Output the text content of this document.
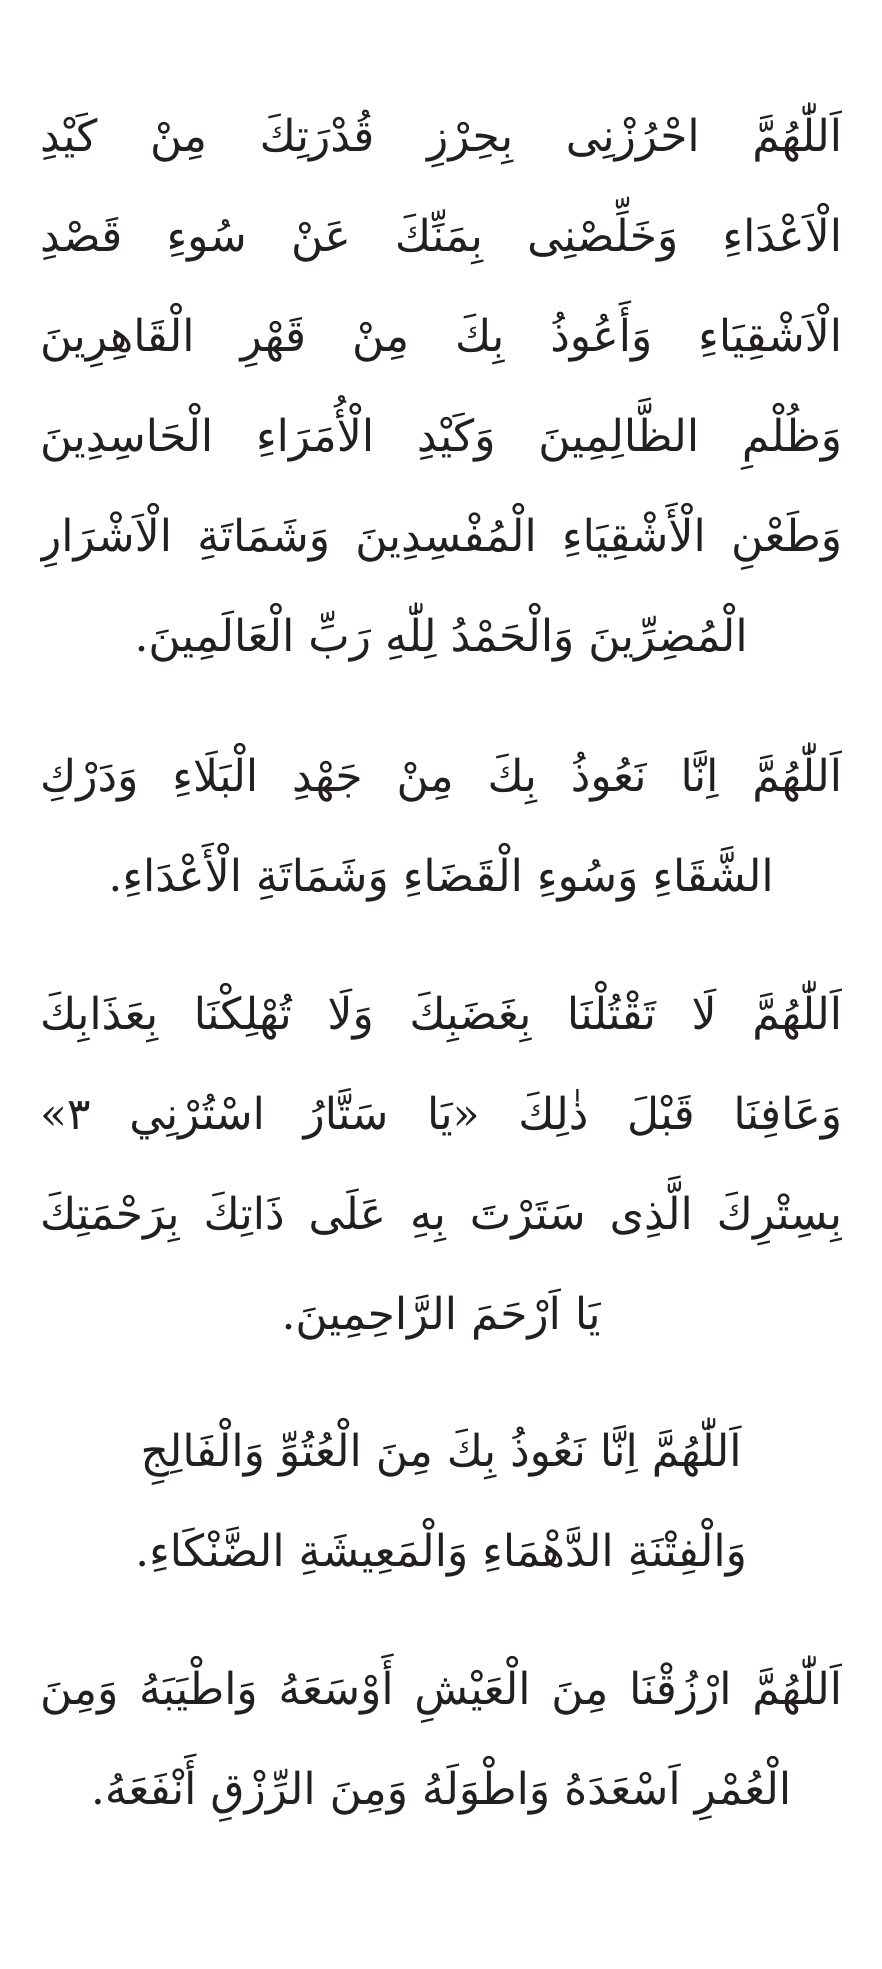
اَللّٰهُمَّ احْرُزْنِى بِحِرْزِ قُدْرَتِكَ مِنْ كَيْدِ
الْاَعْدَاءِ وَخَلِّصْنِى بِمَنِّكَ عَنْ سُوءِ قَصْدِ
الْاَشْقِيَاءِ وَأَعُوذُ بِكَ مِنْ قَهْرِ الْقَاهِرِينَ
وَظُلْمِ الظَّالِمِينَ وَكَيْدِ الْأُمَرَاءِ الْحَاسِدِينَ
وَطَعْنِ الْأَشْقِيَاءِ الْمُفْسِدِينَ وَشَمَاتَةِ الْاَشْرَارِ
الْمُضِرِّينَ وَالْحَمْدُ لِلّٰهِ رَبِّ الْعَالَمِينَ.
اَللّٰهُمَّ اِنَّا نَعُوذُ بِكَ مِنْ جَهْدِ الْبَلَاءِ وَدَرْكِ
الشَّقَاءِ وَسُوءِ الْقَضَاءِ وَشَمَاتَةِ الْأَعْدَاءِ.
اَللّٰهُمَّ لَا تَقْتُلْنَا بِغَضَبِكَ وَلَا تُهْلِكْنَا بِعَذَابِكَ
وَعَافِنَا قَبْلَ ذٰلِكَ «يَا سَتَّارُ اسْتُرْنِي ٣»
بِسِتْرِكَ الَّذِى سَتَرْتَ بِهِ عَلَى ذَاتِكَ بِرَحْمَتِكَ
يَا اَرْحَمَ الرَّاحِمِينَ.
اَللّٰهُمَّ اِنَّا نَعُوذُ بِكَ مِنَ الْعُتُوِّ وَالْفَالِجِ
وَالْفِتْنَةِ الدَّهْمَاءِ وَالْمَعِيشَةِ الضَّنْكَاءِ.
اَللّٰهُمَّ ارْزُقْنَا مِنَ الْعَيْشِ أَوْسَعَهُ وَاطْيَبَهُ وَمِنَ
الْعُمْرِ اَسْعَدَهُ وَاطْوَلَهُ وَمِنَ الرِّزْقِ أَنْفَعَهُ.
